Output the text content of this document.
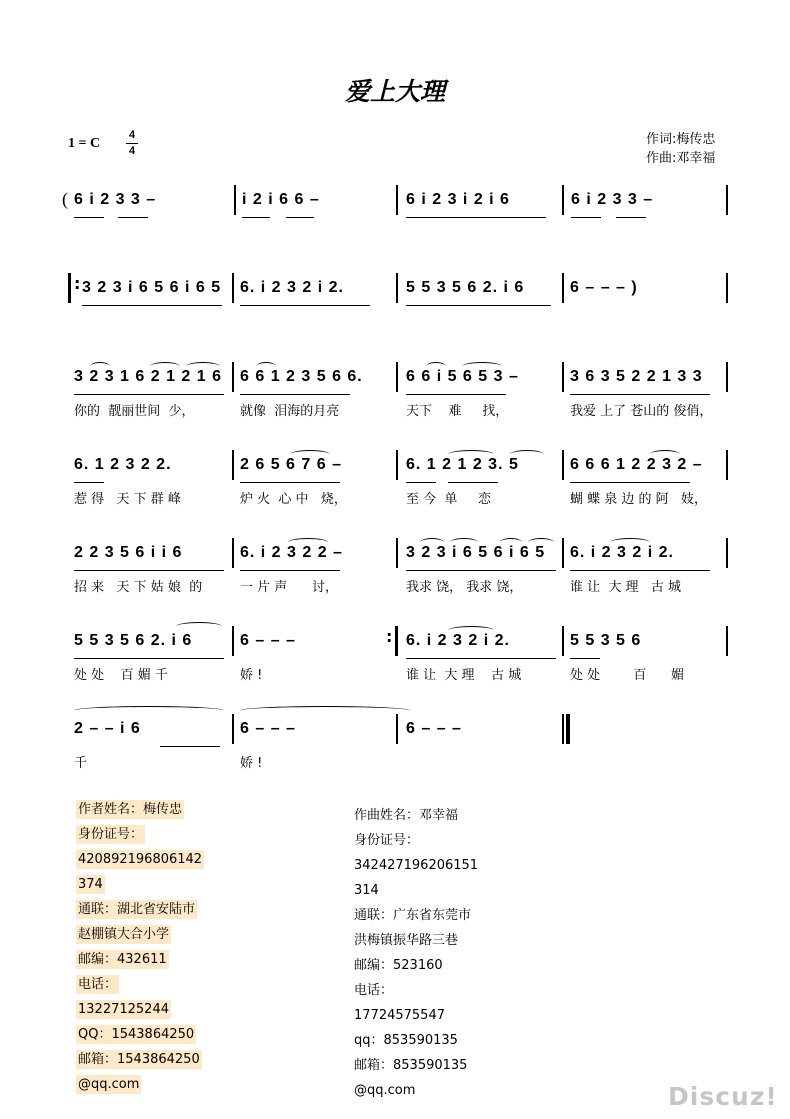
爱上大理
1 = C
4
4
作词:梅传忠
作曲:邓幸福
( 6 i 2 3 3 –	i 2 i 6 6 –	6 i 2 3 i 2 i 6	6 i 2 3 3 –
: 3 2 3 i 6 5 6 i 6 5 6. i 2 3 2 i 2.	5 5 3 5 6 2. i 6	6 – – – )
3 2 3 1 6 2 1 2 1 6 6 6 1 2 3 5 6 6.	6 6 i 5 6 5 3 –	3 6 3 5 2 2 1 3 3
你的  靓丽世间  少，	就像  泪海的月亮	天下    难     找，	我爱 上了 苍山的 俊俏，
6. 1 2 3 2 2.	2 6 5 6 7 6 –	6. 1 2 1 2 3. 5	6 6 6 1 2 2 3 2 –
惹 得   天 下 群 峰	炉 火  心 中   烧，	至 今  单     恋	蝴 蝶 泉 边 的 阿   妓，
2 2 3 5 6 i i 6	6. i 2 3 2 2 –	3 2 3 i 6 5 6 i 6 5 6. i 2 3 2 i 2.
招 来   天 下 姑 娘  的	一 片 声      讨，	我求 饶， 我求 饶，	谁 让  大 理   古 城
5 5 3 5 6 2. i 6	6 – – –	: 6. i 2 3 2 i 2.	5 5 3 5 6
处 处    百 媚 千	娇 !	谁 让  大 理    古 城	处 处        百      媚
2 – – i 6	6 – – –	6 – – –
千	娇 !
作者姓名：梅传忠
身份证号：
420892196806142
374
通联：湖北省安陆市
赵棚镇大合小学
邮编：432611
电话：
13227125244
QQ：1543864250
邮箱：1543864250
@qq.com
作曲姓名：邓幸福
身份证号：
342427196206151
314
通联：广东省东莞市
洪梅镇振华路三巷
邮编：523160
电话：
17724575547
qq：853590135
邮箱：853590135
@qq.com	Discuz!
